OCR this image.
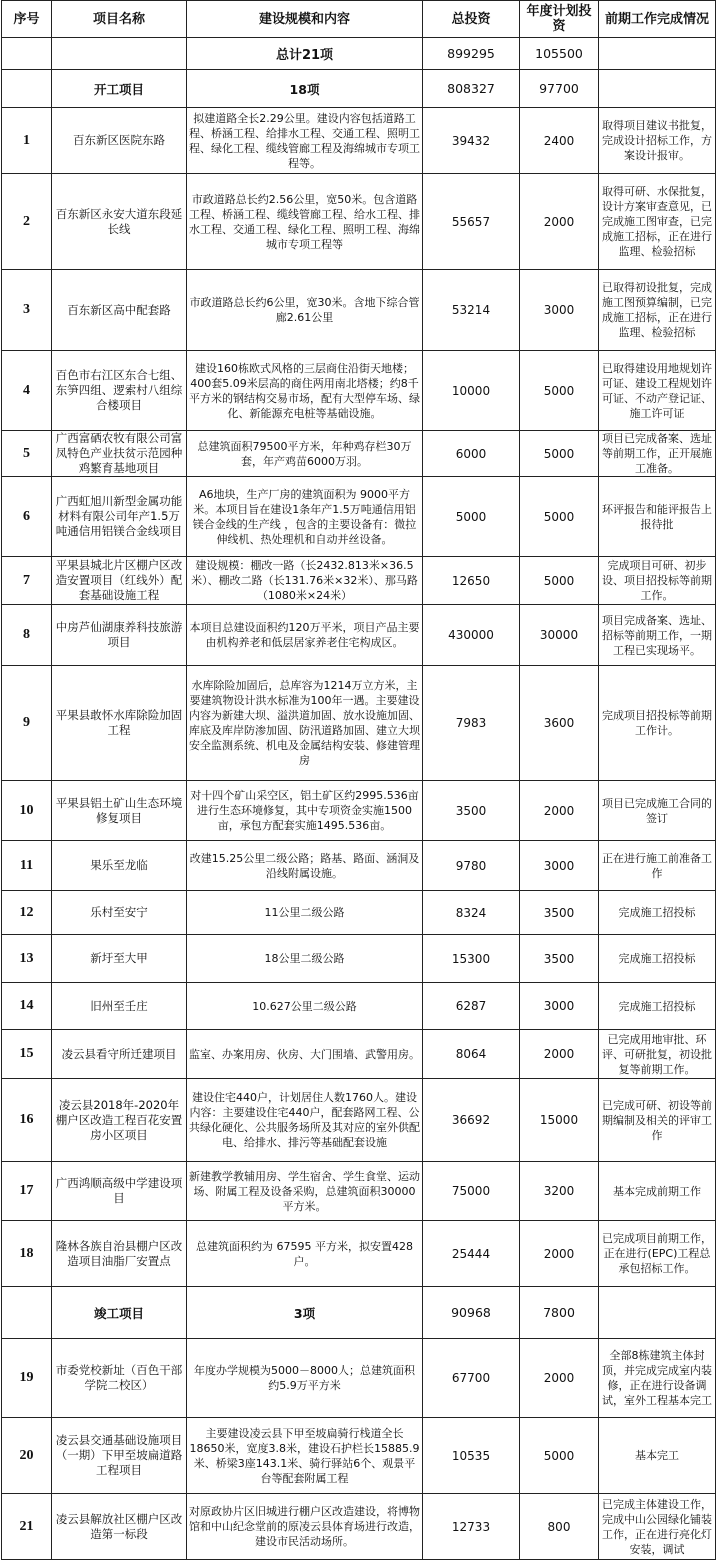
序号	项目名称	建设规模和内容	总投资	年度计划投资	前期工作完成情况
		总计21项	899295	105500	
	开工项目	18项	808327	97700	
1	百东新区医院东路	拟建道路全长2.29公里。建设内容包括道路工程、桥涵工程、给排水工程、交通工程、照明工程、绿化工程、缆线管廊工程及海绵城市专项工程等。	39432	2400	取得项目建议书批复，完成设计招标工作，方案设计报审。
2	百东新区永安大道东段延长线	市政道路总长约2.56公里，宽50米。包含道路工程、桥涵工程、缆线管廊工程、给水工程、排水工程、交通工程、绿化工程、照明工程、海绵城市专项工程等	55657	2000	取得可研、水保批复，设计方案审查意见，已完成施工图审查，已完成施工招标，正在进行监理、检验招标
3	百东新区高中配套路	市政道路总长约6公里，宽30米。含地下综合管廊2.61公里	53214	3000	已取得初设批复，完成施工图预算编制，已完成施工招标，正在进行监理、检验招标
4	百色市右江区东合七组、东笋四组、逻索村八组综合楼项目	建设160栋欧式风格的三层商住沿街天地楼；400套5.09米层高的商住两用南北塔楼；约8千平方米的钢结构交易市场，配有大型停车场、绿化、新能源充电桩等基础设施。	10000	5000	已取得建设用地规划许可证、建设工程规划许可证、不动产登记证、施工许可证
5	广西富硒农牧有限公司富凤特色产业扶贫示范园种鸡繁育基地项目	总建筑面积79500平方米，年种鸡存栏30万套，年产鸡苗6000万羽。	6000	5000	项目已完成备案、选址等前期工作，正开展施工准备。
6	广西虹旭川新型金属功能材料有限公司年产1.5万吨通信用铝镁合金线项目	A6地块，生产厂房的建筑面积为 9000平方米。本项目旨在建设1条年产1.5万吨通信用铝镁合金线的生产线 ，包含的主要设备有：微拉伸线机、热处理机和自动并丝设备。	5000	5000	环评报告和能评报告上报待批
7	平果县城北片区棚户区改造安置项目（红线外）配套基础设施工程	建设规模：棚改一路（长2432.813米×36.5米）、棚改二路（长131.76米×32米）、那马路（1080米×24米）	12650	5000	完成项目可研、初步设、项目招投标等前期工作。
8	中房芦仙湖康养科技旅游项目	本项目总建设面积约120万平米，项目产品主要由机构养老和低层居家养老住宅构成区。	430000	30000	项目完成备案、选址、招标等前期工作，一期工程已实现场平。
9	平果县敢怀水库除险加固工程	水库除险加固后，总库容为1214万立方米，主要建筑物设计洪水标准为100年一遇。主要建设内容为新建大坝、溢洪道加固、放水设施加固、库底及库岸防渗加固、防汛道路加固、建立大坝安全监测系统、机电及金属结构安装、修建管理房	7983	3600	完成项目招投标等前期工作计。
10	平果县铝土矿山生态环境修复项目	对十四个矿山采空区，铝土矿区约2995.536亩进行生态环境修复，其中专项资金实施1500亩，承包方配套实施1495.536亩。	3500	2000	项目已完成施工合同的签订
11	果乐至龙临	改建15.25公里二级公路；路基、路面、涵洞及沿线附属设施。	9780	3000	正在进行施工前准备工作
12	乐村至安宁	11公里二级公路	8324	3500	完成施工招投标
13	新圩至大甲	18公里二级公路	15300	3500	完成施工招投标
14	旧州至壬庄	10.627公里二级公路	6287	3000	完成施工招投标
15	凌云县看守所迁建项目	监室、办案用房、伙房、大门围墙、武警用房。	8064	2000	已完成用地审批、环评、可研批复，初设批复等前期工作。
16	凌云县2018年-2020年棚户区改造工程百花安置房小区项目	建设住宅440户，计划居住人数1760人。建设内容：主要建设住宅440户，配套路网工程、公共绿化硬化、公共服务场所及其对应的室外供配电、给排水、排污等基础配套设施	36692	15000	已完成可研、初设等前期编制及相关的评审工作
17	广西鸿顺高级中学建设项目	新建教学教辅用房、学生宿舍、学生食堂、运动场、附属工程及设备采购，总建筑面积30000平方米。	75000	3200	基本完成前期工作
18	隆林各族自治县棚户区改造项目油脂厂安置点	总建筑面积约为 67595 平方米，拟安置428户。	25444	2000	已完成项目前期工作，正在进行(EPC)工程总承包招标工作。
	竣工项目	3项	90968	7800	
19	市委党校新址（百色干部学院二校区）	年度办学规模为5000－8000人；总建筑面积约5.9万平方米	67700	2000	全部8栋建筑主体封顶，并完成完成室内装修，正在进行设备调试，室外工程基本完工
20	凌云县交通基础设施项目（一期）下甲至坡扁道路工程项目	主要建设凌云县下甲至坡扁骑行栈道全长18650米，宽度3.8米，建设石护栏长15885.9米、桥梁3座143.1米、骑行驿站6个、观景平台等配套附属工程	10535	5000	基本完工
21	凌云县解放社区棚户区改造第一标段	对原政协片区旧城进行棚户区改造建设，将博物馆和中山纪念堂前的原凌云县体育场进行改造，建设市民活动场所。	12733	800	已完成主体建设工作，完成中山公园绿化铺装工作，正在进行亮化灯安装，调试
